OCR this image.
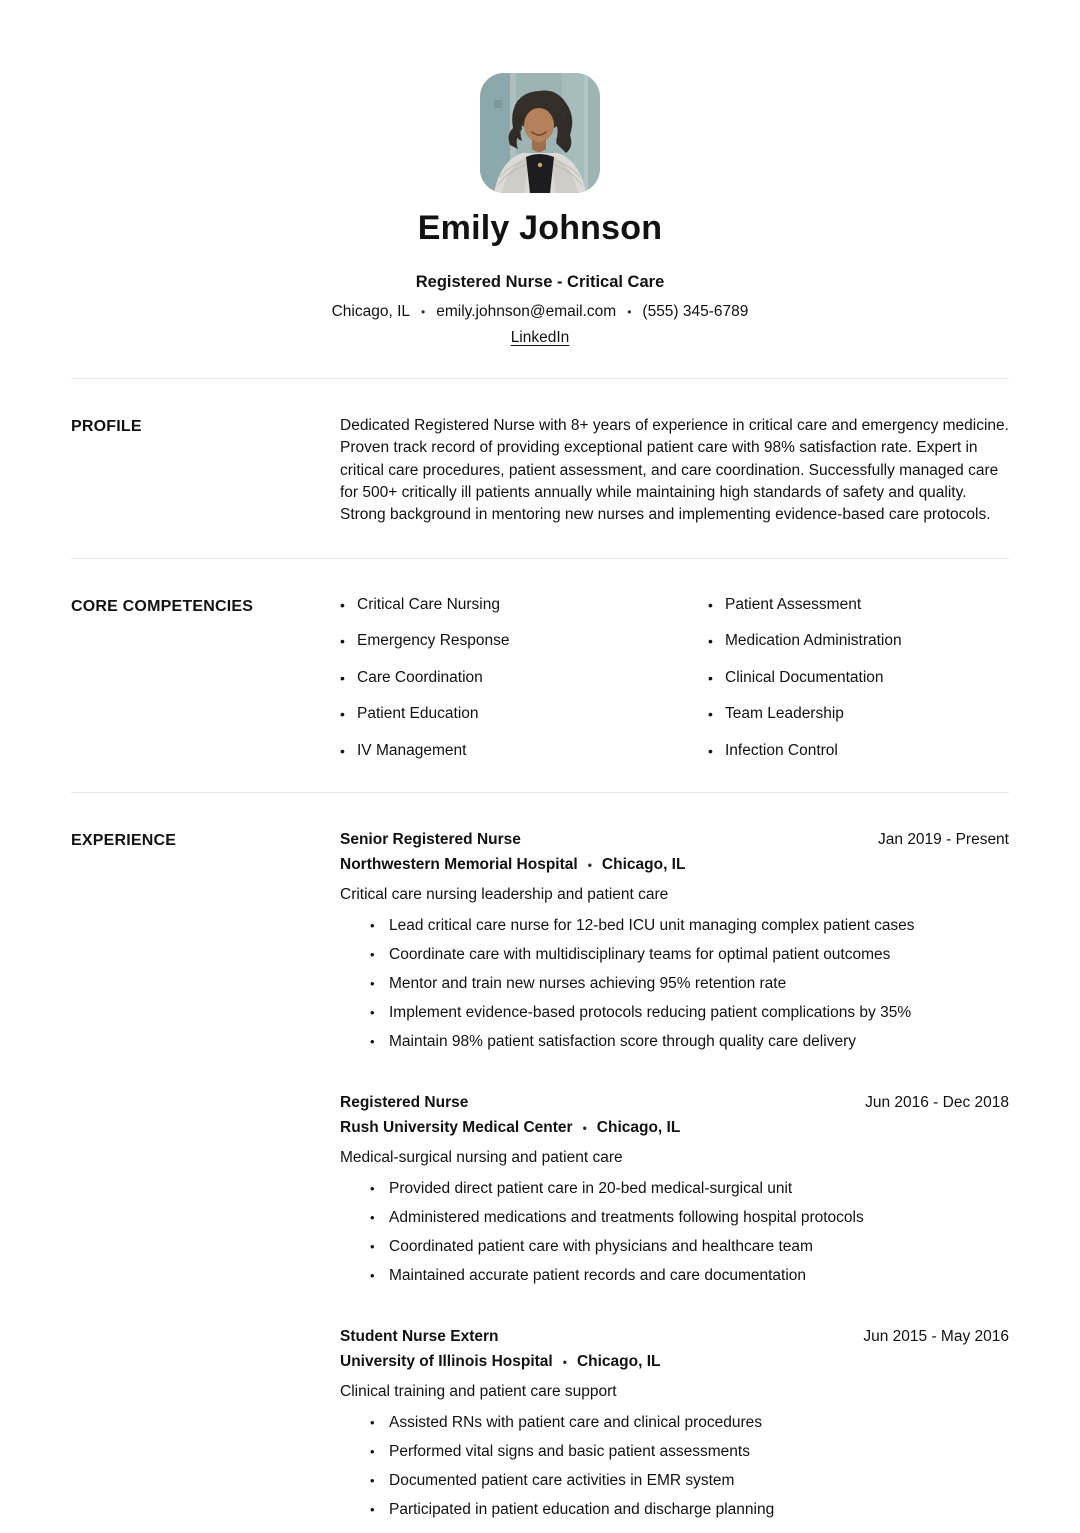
Emily Johnson
Registered Nurse - Critical Care
Chicago, IL • emily.johnson@email.com • (555) 345-6789
LinkedIn
PROFILE	Dedicated Registered Nurse with 8+ years of experience in critical care and emergency medicine. Proven track record of providing exceptional patient care with 98% satisfaction rate. Expert in critical care procedures, patient assessment, and care coordination. Successfully managed care for 500+ critically ill patients annually while maintaining high standards of safety and quality. Strong background in mentoring new nurses and implementing evidence-based care protocols.
CORE COMPETENCIES	• Critical Care Nursing
• Emergency Response
• Care Coordination
• Patient Education
• IV Management
• Patient Assessment
• Medication Administration
• Clinical Documentation
• Team Leadership
• Infection Control
EXPERIENCE	Senior Registered Nurse	Jan 2019 - Present
Northwestern Memorial Hospital • Chicago, IL
Critical care nursing leadership and patient care
• Lead critical care nurse for 12-bed ICU unit managing complex patient cases
• Coordinate care with multidisciplinary teams for optimal patient outcomes
• Mentor and train new nurses achieving 95% retention rate
• Implement evidence-based protocols reducing patient complications by 35%
• Maintain 98% patient satisfaction score through quality care delivery
Registered Nurse	Jun 2016 - Dec 2018
Rush University Medical Center • Chicago, IL
Medical-surgical nursing and patient care
• Provided direct patient care in 20-bed medical-surgical unit
• Administered medications and treatments following hospital protocols
• Coordinated patient care with physicians and healthcare team
• Maintained accurate patient records and care documentation
Student Nurse Extern	Jun 2015 - May 2016
University of Illinois Hospital • Chicago, IL
Clinical training and patient care support
• Assisted RNs with patient care and clinical procedures
• Performed vital signs and basic patient assessments
• Documented patient care activities in EMR system
• Participated in patient education and discharge planning
